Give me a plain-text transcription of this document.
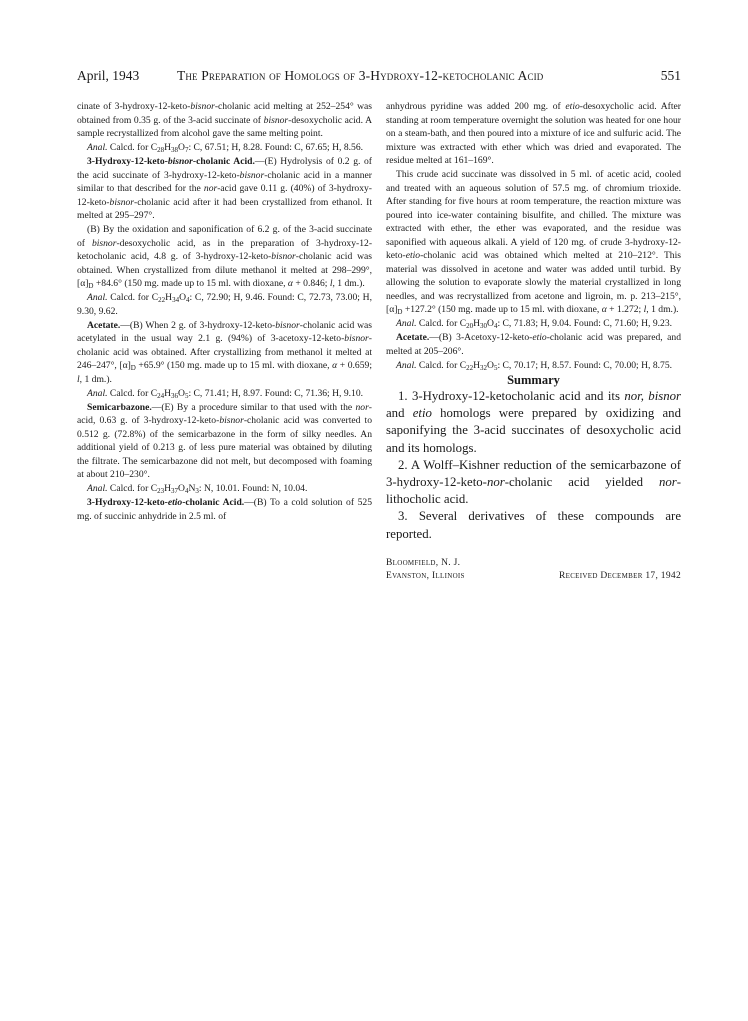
April, 1943	The Preparation of Homologs of 3-Hydroxy-12-ketocholanic Acid	551

cinate of 3-hydroxy-12-keto-bisnor-cholanic acid melting at 252–254° was obtained from 0.35 g. of the 3-acid succinate of bisnor-desoxycholic acid. A sample recrystallized from alcohol gave the same melting point.

Anal. Calcd. for $C_{28}H_{38}O_7$: C, 67.51; H, 8.28. Found: C, 67.65; H, 8.56.

3-Hydroxy-12-keto-bisnor-cholanic Acid.—(E) Hydrolysis of 0.2 g. of the acid succinate of 3-hydroxy-12-keto-bisnor-cholanic acid in a manner similar to that described for the nor-acid gave 0.11 g. (40%) of 3-hydroxy-12-keto-bisnor-cholanic acid after it had been crystallized from ethanol. It melted at 295–297°.

(B) By the oxidation and saponification of 6.2 g. of the 3-acid succinate of bisnor-desoxycholic acid, as in the preparation of 3-hydroxy-12-ketocholanic acid, 4.8 g. of 3-hydroxy-12-keto-bisnor-cholanic acid was obtained. When crystallized from dilute methanol it melted at 298–299°, $[\alpha]_D +84.6^\circ$ (150 mg. made up to 15 ml. with dioxane, α + 0.846; l, 1 dm.).

Anal. Calcd. for $C_{22}H_{34}O_4$: C, 72.90; H, 9.46. Found: C, 72.73, 73.00; H, 9.30, 9.62.

Acetate.—(B) When 2 g. of 3-hydroxy-12-keto-bisnor-cholanic acid was acetylated in the usual way 2.1 g. (94%) of 3-acetoxy-12-keto-bisnor-cholanic acid was obtained. After crystallizing from methanol it melted at 246–247°, $[\alpha]_D +65.9^\circ$ (150 mg. made up to 15 ml. with dioxane, α + 0.659; l, 1 dm.).

Anal. Calcd. for $C_{24}H_{36}O_5$: C, 71.41; H, 8.97. Found: C, 71.36; H, 9.10.

Semicarbazone.—(E) By a procedure similar to that used with the nor-acid, 0.63 g. of 3-hydroxy-12-keto-bisnor-cholanic acid was converted to 0.512 g. (72.8%) of the semicarbazone in the form of silky needles. An additional yield of 0.213 g. of less pure material was obtained by diluting the filtrate. The semicarbazone did not melt, but decomposed with foaming at about 210–230°.

Anal. Calcd. for $C_{23}H_{37}O_4N_3$: N, 10.01. Found: N, 10.04.

3-Hydroxy-12-keto-etio-cholanic Acid.—(B) To a cold solution of 525 mg. of succinic anhydride in 2.5 ml. of

anhydrous pyridine was added 200 mg. of etio-desoxycholic acid. After standing at room temperature overnight the solution was heated for one hour on a steam-bath, and then poured into a mixture of ice and sulfuric acid. The mixture was extracted with ether which was dried and evaporated. The residue melted at 161–169°.

This crude acid succinate was dissolved in 5 ml. of acetic acid, cooled and treated with an aqueous solution of 57.5 mg. of chromium trioxide. After standing for five hours at room temperature, the reaction mixture was poured into ice-water containing bisulfite, and chilled. The mixture was extracted with ether, the ether was evaporated, and the residue was saponified with aqueous alkali. A yield of 120 mg. of crude 3-hydroxy-12-keto-etio-cholanic acid was obtained which melted at 210–212°. This material was dissolved in acetone and water was added until turbid. By allowing the solution to evaporate slowly the material crystallized in long needles, and was recrystallized from acetone and ligroin, m. p. 213–215°, $[\alpha]_D +127.2^\circ$ (150 mg. made up to 15 ml. with dioxane, α + 1.272; l, 1 dm.).

Anal. Calcd. for $C_{20}H_{30}O_4$: C, 71.83; H, 9.04. Found: C, 71.60; H, 9.23.

Acetate.—(B) 3-Acetoxy-12-keto-etio-cholanic acid was prepared, and melted at 205–206°.

Anal. Calcd. for $C_{22}H_{32}O_5$: C, 70.17; H, 8.57. Found: C, 70.00; H, 8.75.

Summary

1. 3-Hydroxy-12-ketocholanic acid and its nor, bisnor and etio homologs were prepared by oxidizing and saponifying the 3-acid succinates of desoxycholic acid and its homologs.

2. A Wolff–Kishner reduction of the semicarbazone of 3-hydroxy-12-keto-nor-cholanic acid yielded nor-lithocholic acid.

3. Several derivatives of these compounds are reported.

Bloomfield, N. J.
Evanston, Illinois	Received December 17, 1942
